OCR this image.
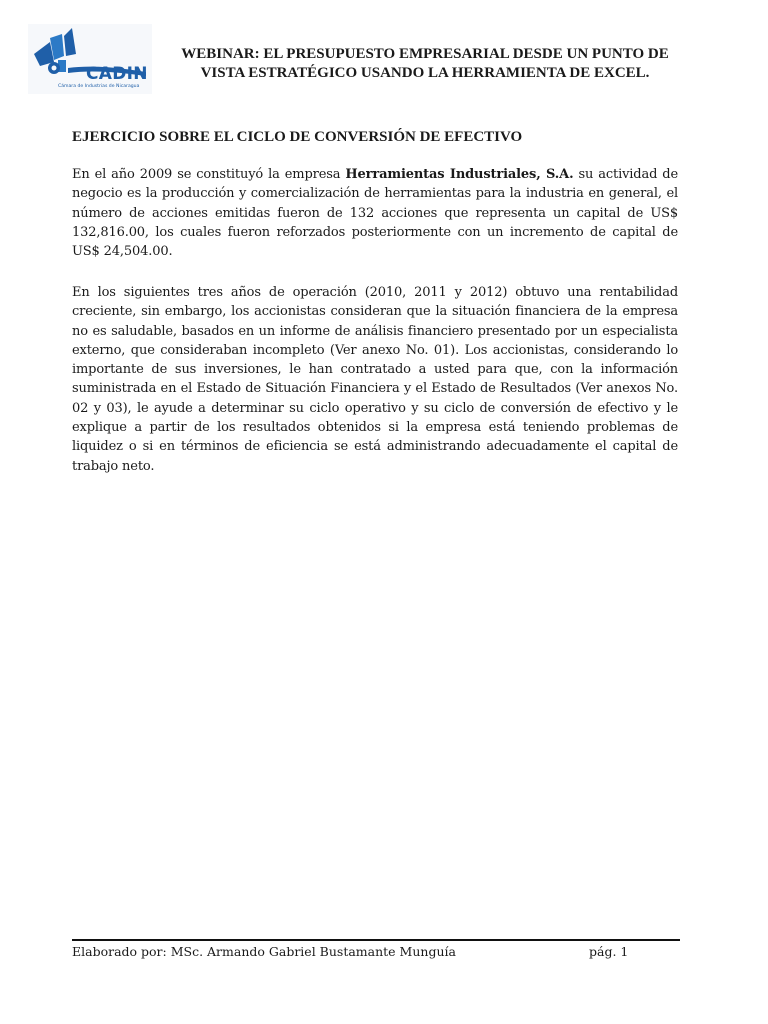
CADIN
Cámara de Industrias de Nicaragua
WEBINAR: EL PRESUPUESTO EMPRESARIAL DESDE UN PUNTO DE VISTA ESTRATÉGICO USANDO LA HERRAMIENTA DE EXCEL.
EJERCICIO SOBRE EL CICLO DE CONVERSIÓN DE EFECTIVO

En el año 2009 se constituyó la empresa Herramientas Industriales, S.A. su actividad de negocio es la producción y comercialización de herramientas para la industria en general, el número de acciones emitidas fueron de 132 acciones que representa un capital de US$ 132,816.00, los cuales fueron reforzados posteriormente con un incremento de capital de US$ 24,504.00.

En los siguientes tres años de operación (2010, 2011 y 2012) obtuvo una rentabilidad creciente, sin embargo, los accionistas consideran que la situación financiera de la empresa no es saludable, basados en un informe de análisis financiero presentado por un especialista externo, que consideraban incompleto (Ver anexo No. 01). Los accionistas, considerando lo importante de sus inversiones, le han contratado a usted para que, con la información suministrada en el Estado de Situación Financiera y el Estado de Resultados (Ver anexos No. 02 y 03), le ayude a determinar su ciclo operativo y su ciclo de conversión de efectivo y le explique a partir de los resultados obtenidos si la empresa está teniendo problemas de liquidez o si en términos de eficiencia se está administrando adecuadamente el capital de trabajo neto.

Elaborado por: MSc. Armando Gabriel Bustamante Munguía	pág. 1
